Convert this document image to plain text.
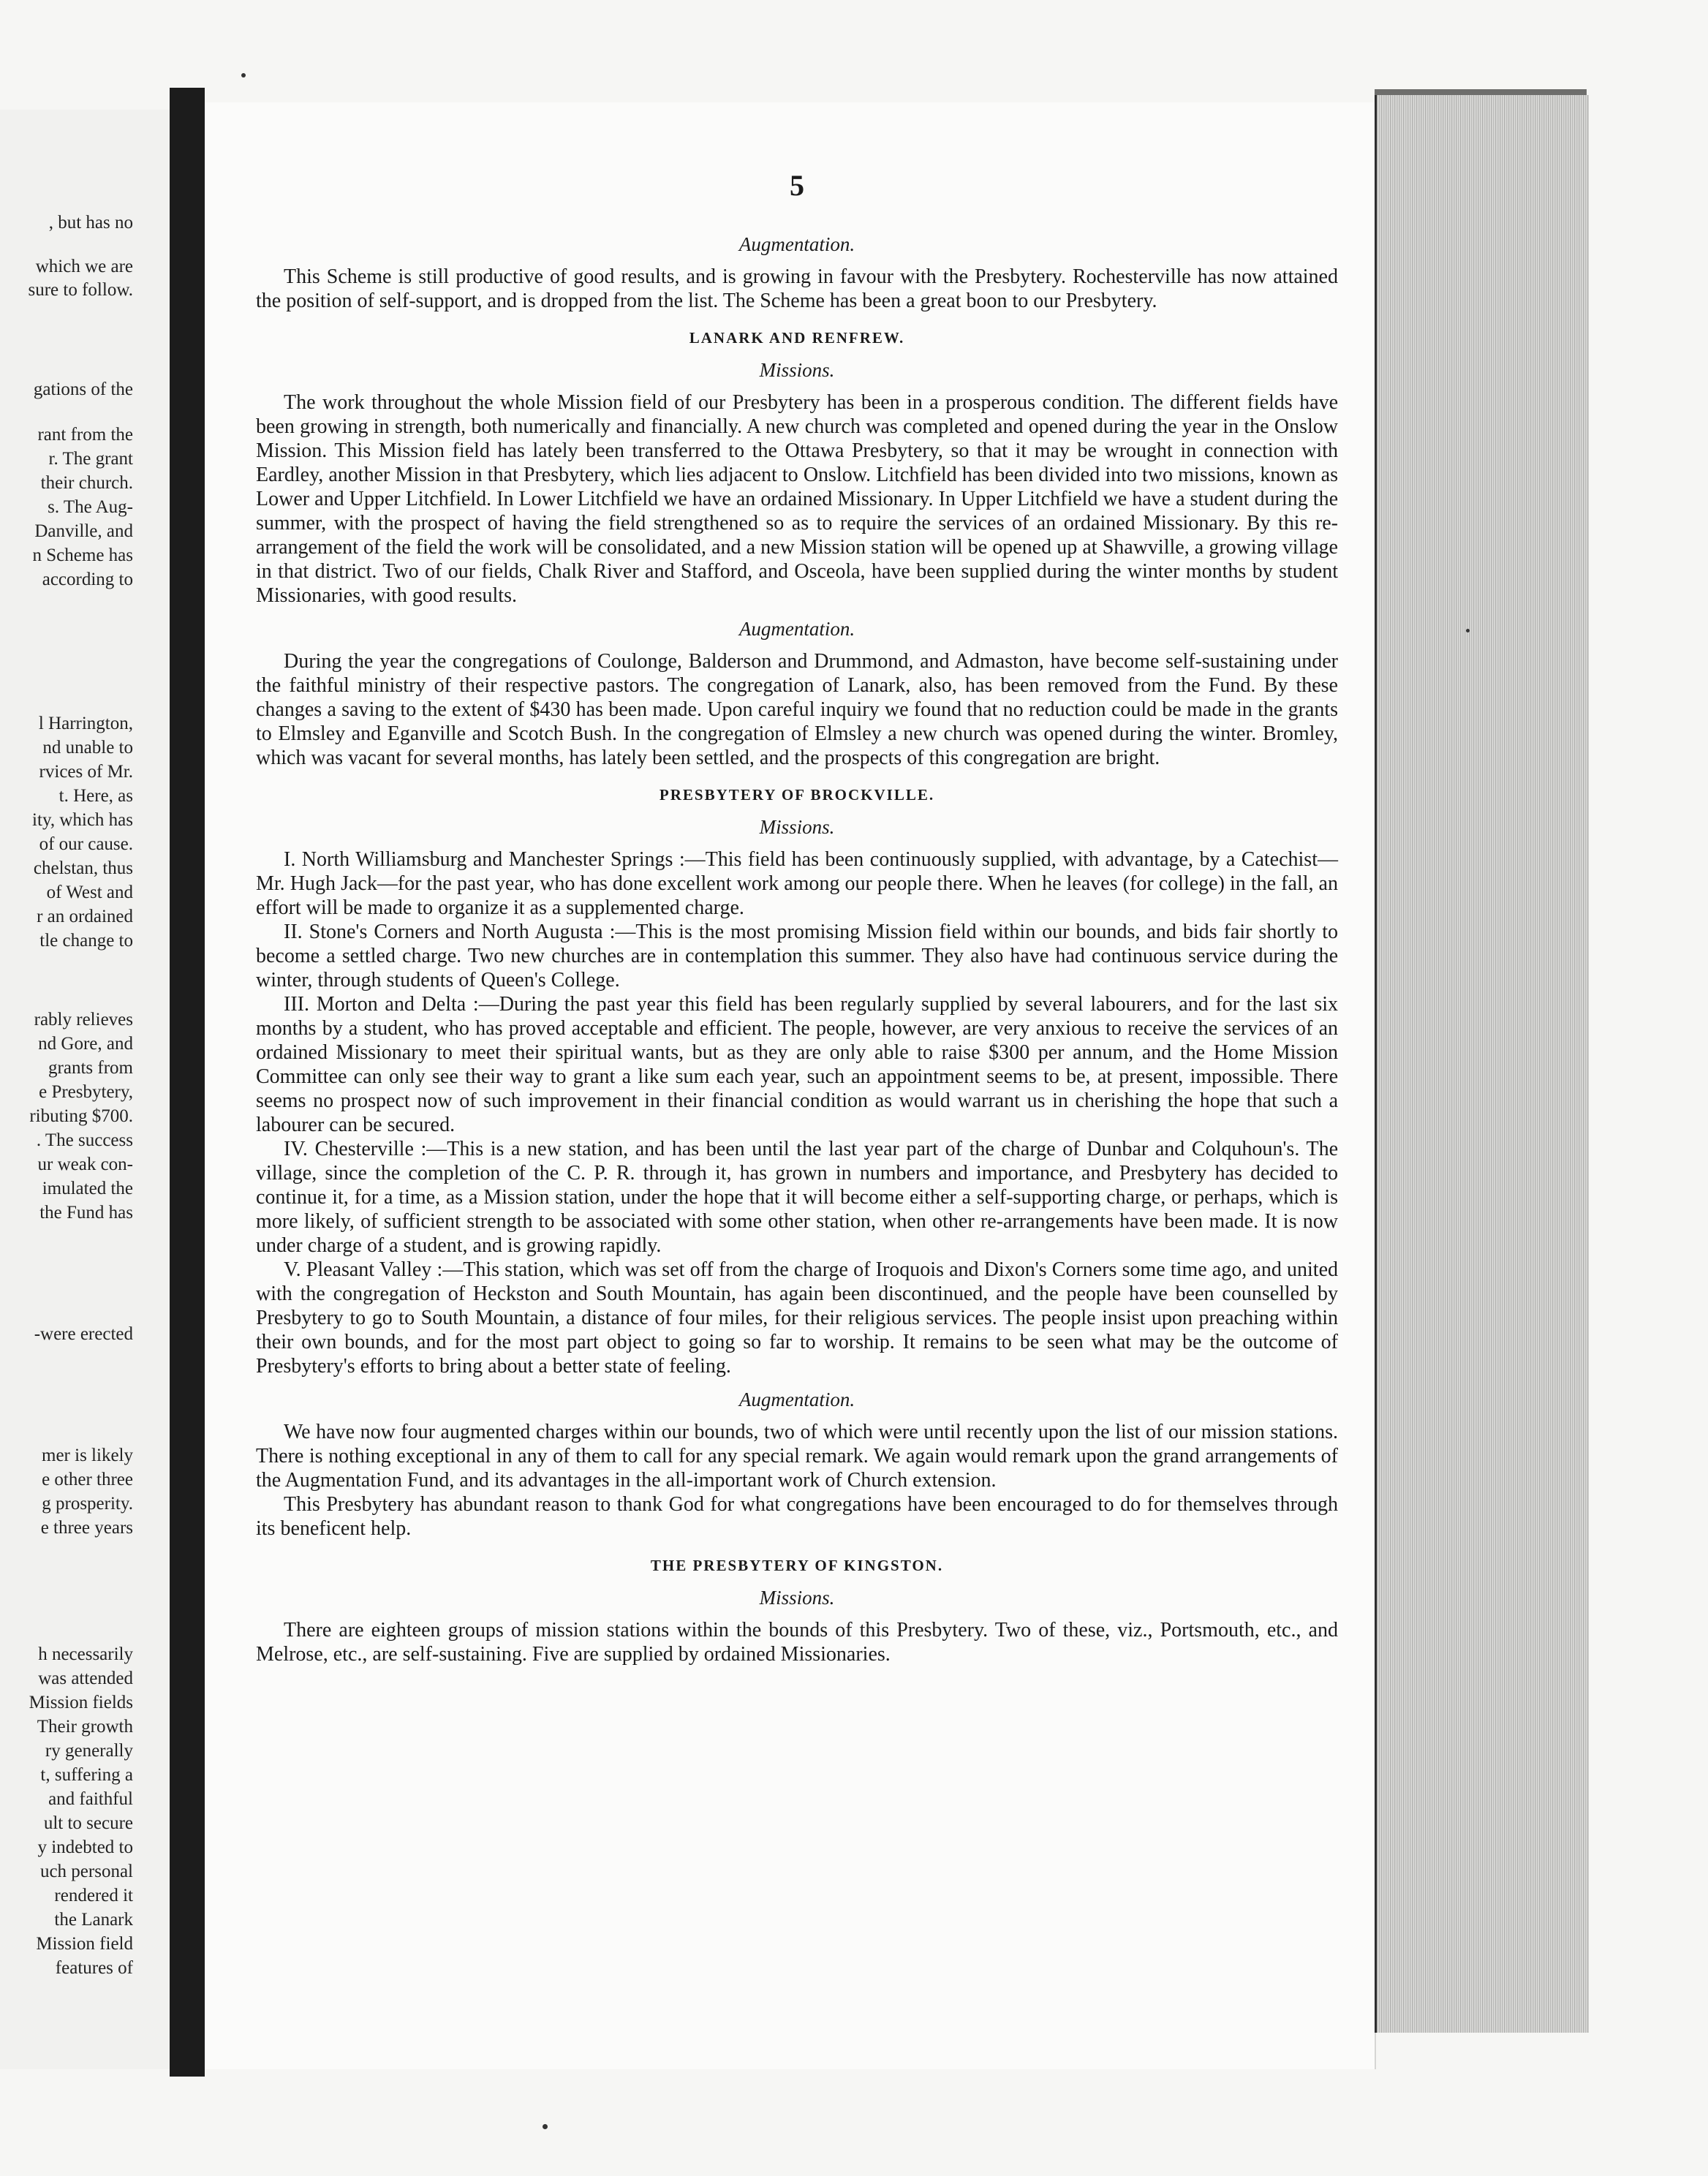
, but has no
which we are
sure to follow.
gations of the
rant from the
r. The grant
their church.
s. The Aug-
Danville, and
n Scheme has
according to
l Harrington,
nd unable to
rvices of Mr.
t. Here, as
ity, which has
of our cause.
chelstan, thus
of West and
r an ordained
tle change to
rably relieves
nd Gore, and
grants from
e Presbytery,
ributing $700.
. The success
ur weak con-
imulated the
the Fund has
-were erected
mer is likely
e other three
g prosperity.
e three years
h necessarily
was attended
Mission fields
Their growth
ry generally
t, suffering a
and faithful
ult to secure
y indebted to
uch personal
rendered it
the Lanark
Mission field
features of
5
Augmentation.

This Scheme is still productive of good results, and is growing in favour with the Presbytery. Rochesterville has now attained the position of self-support, and is dropped from the list. The Scheme has been a great boon to our Presbytery.

LANARK AND RENFREW.
Missions.

The work throughout the whole Mission field of our Presbytery has been in a prosperous condition. The different fields have been growing in strength, both numerically and financially. A new church was completed and opened during the year in the Onslow Mission. This Mission field has lately been transferred to the Ottawa Presbytery, so that it may be wrought in connection with Eardley, another Mission in that Presbytery, which lies adjacent to Onslow. Litchfield has been divided into two missions, known as Lower and Upper Litchfield. In Lower Litchfield we have an ordained Missionary. In Upper Litchfield we have a student during the summer, with the prospect of having the field strengthened so as to require the services of an ordained Missionary. By this re-arrangement of the field the work will be consolidated, and a new Mission station will be opened up at Shawville, a growing village in that district. Two of our fields, Chalk River and Stafford, and Osceola, have been supplied during the winter months by student Missionaries, with good results.

Augmentation.

During the year the congregations of Coulonge, Balderson and Drummond, and Admaston, have become self-sustaining under the faithful ministry of their respective pastors. The congregation of Lanark, also, has been removed from the Fund. By these changes a saving to the extent of $430 has been made. Upon careful inquiry we found that no reduction could be made in the grants to Elmsley and Eganville and Scotch Bush. In the congregation of Elmsley a new church was opened during the winter. Bromley, which was vacant for several months, has lately been settled, and the prospects of this congregation are bright.

PRESBYTERY OF BROCKVILLE.
Missions.

I. North Williamsburg and Manchester Springs :—This field has been continuously supplied, with advantage, by a Catechist—Mr. Hugh Jack—for the past year, who has done excellent work among our people there. When he leaves (for college) in the fall, an effort will be made to organize it as a supplemented charge.

II. Stone's Corners and North Augusta :—This is the most promising Mission field within our bounds, and bids fair shortly to become a settled charge. Two new churches are in contemplation this summer. They also have had continuous service during the winter, through students of Queen's College.

III. Morton and Delta :—During the past year this field has been regularly supplied by several labourers, and for the last six months by a student, who has proved acceptable and efficient. The people, however, are very anxious to receive the services of an ordained Missionary to meet their spiritual wants, but as they are only able to raise $300 per annum, and the Home Mission Committee can only see their way to grant a like sum each year, such an appointment seems to be, at present, impossible. There seems no prospect now of such improvement in their financial condition as would warrant us in cherishing the hope that such a labourer can be secured.

IV. Chesterville :—This is a new station, and has been until the last year part of the charge of Dunbar and Colquhoun's. The village, since the completion of the C. P. R. through it, has grown in numbers and importance, and Presbytery has decided to continue it, for a time, as a Mission station, under the hope that it will become either a self-supporting charge, or perhaps, which is more likely, of sufficient strength to be associated with some other station, when other re-arrangements have been made. It is now under charge of a student, and is growing rapidly.

V. Pleasant Valley :—This station, which was set off from the charge of Iroquois and Dixon's Corners some time ago, and united with the congregation of Heckston and South Mountain, has again been discontinued, and the people have been counselled by Presbytery to go to South Mountain, a distance of four miles, for their religious services. The people insist upon preaching within their own bounds, and for the most part object to going so far to worship. It remains to be seen what may be the outcome of Presbytery's efforts to bring about a better state of feeling.

Augmentation.

We have now four augmented charges within our bounds, two of which were until recently upon the list of our mission stations. There is nothing exceptional in any of them to call for any special remark. We again would remark upon the grand arrangements of the Augmentation Fund, and its advantages in the all-important work of Church extension.

This Presbytery has abundant reason to thank God for what congregations have been encouraged to do for themselves through its beneficent help.

THE PRESBYTERY OF KINGSTON.
Missions.

There are eighteen groups of mission stations within the bounds of this Presbytery. Two of these, viz., Portsmouth, etc., and Melrose, etc., are self-sustaining. Five are supplied by ordained Missionaries.
